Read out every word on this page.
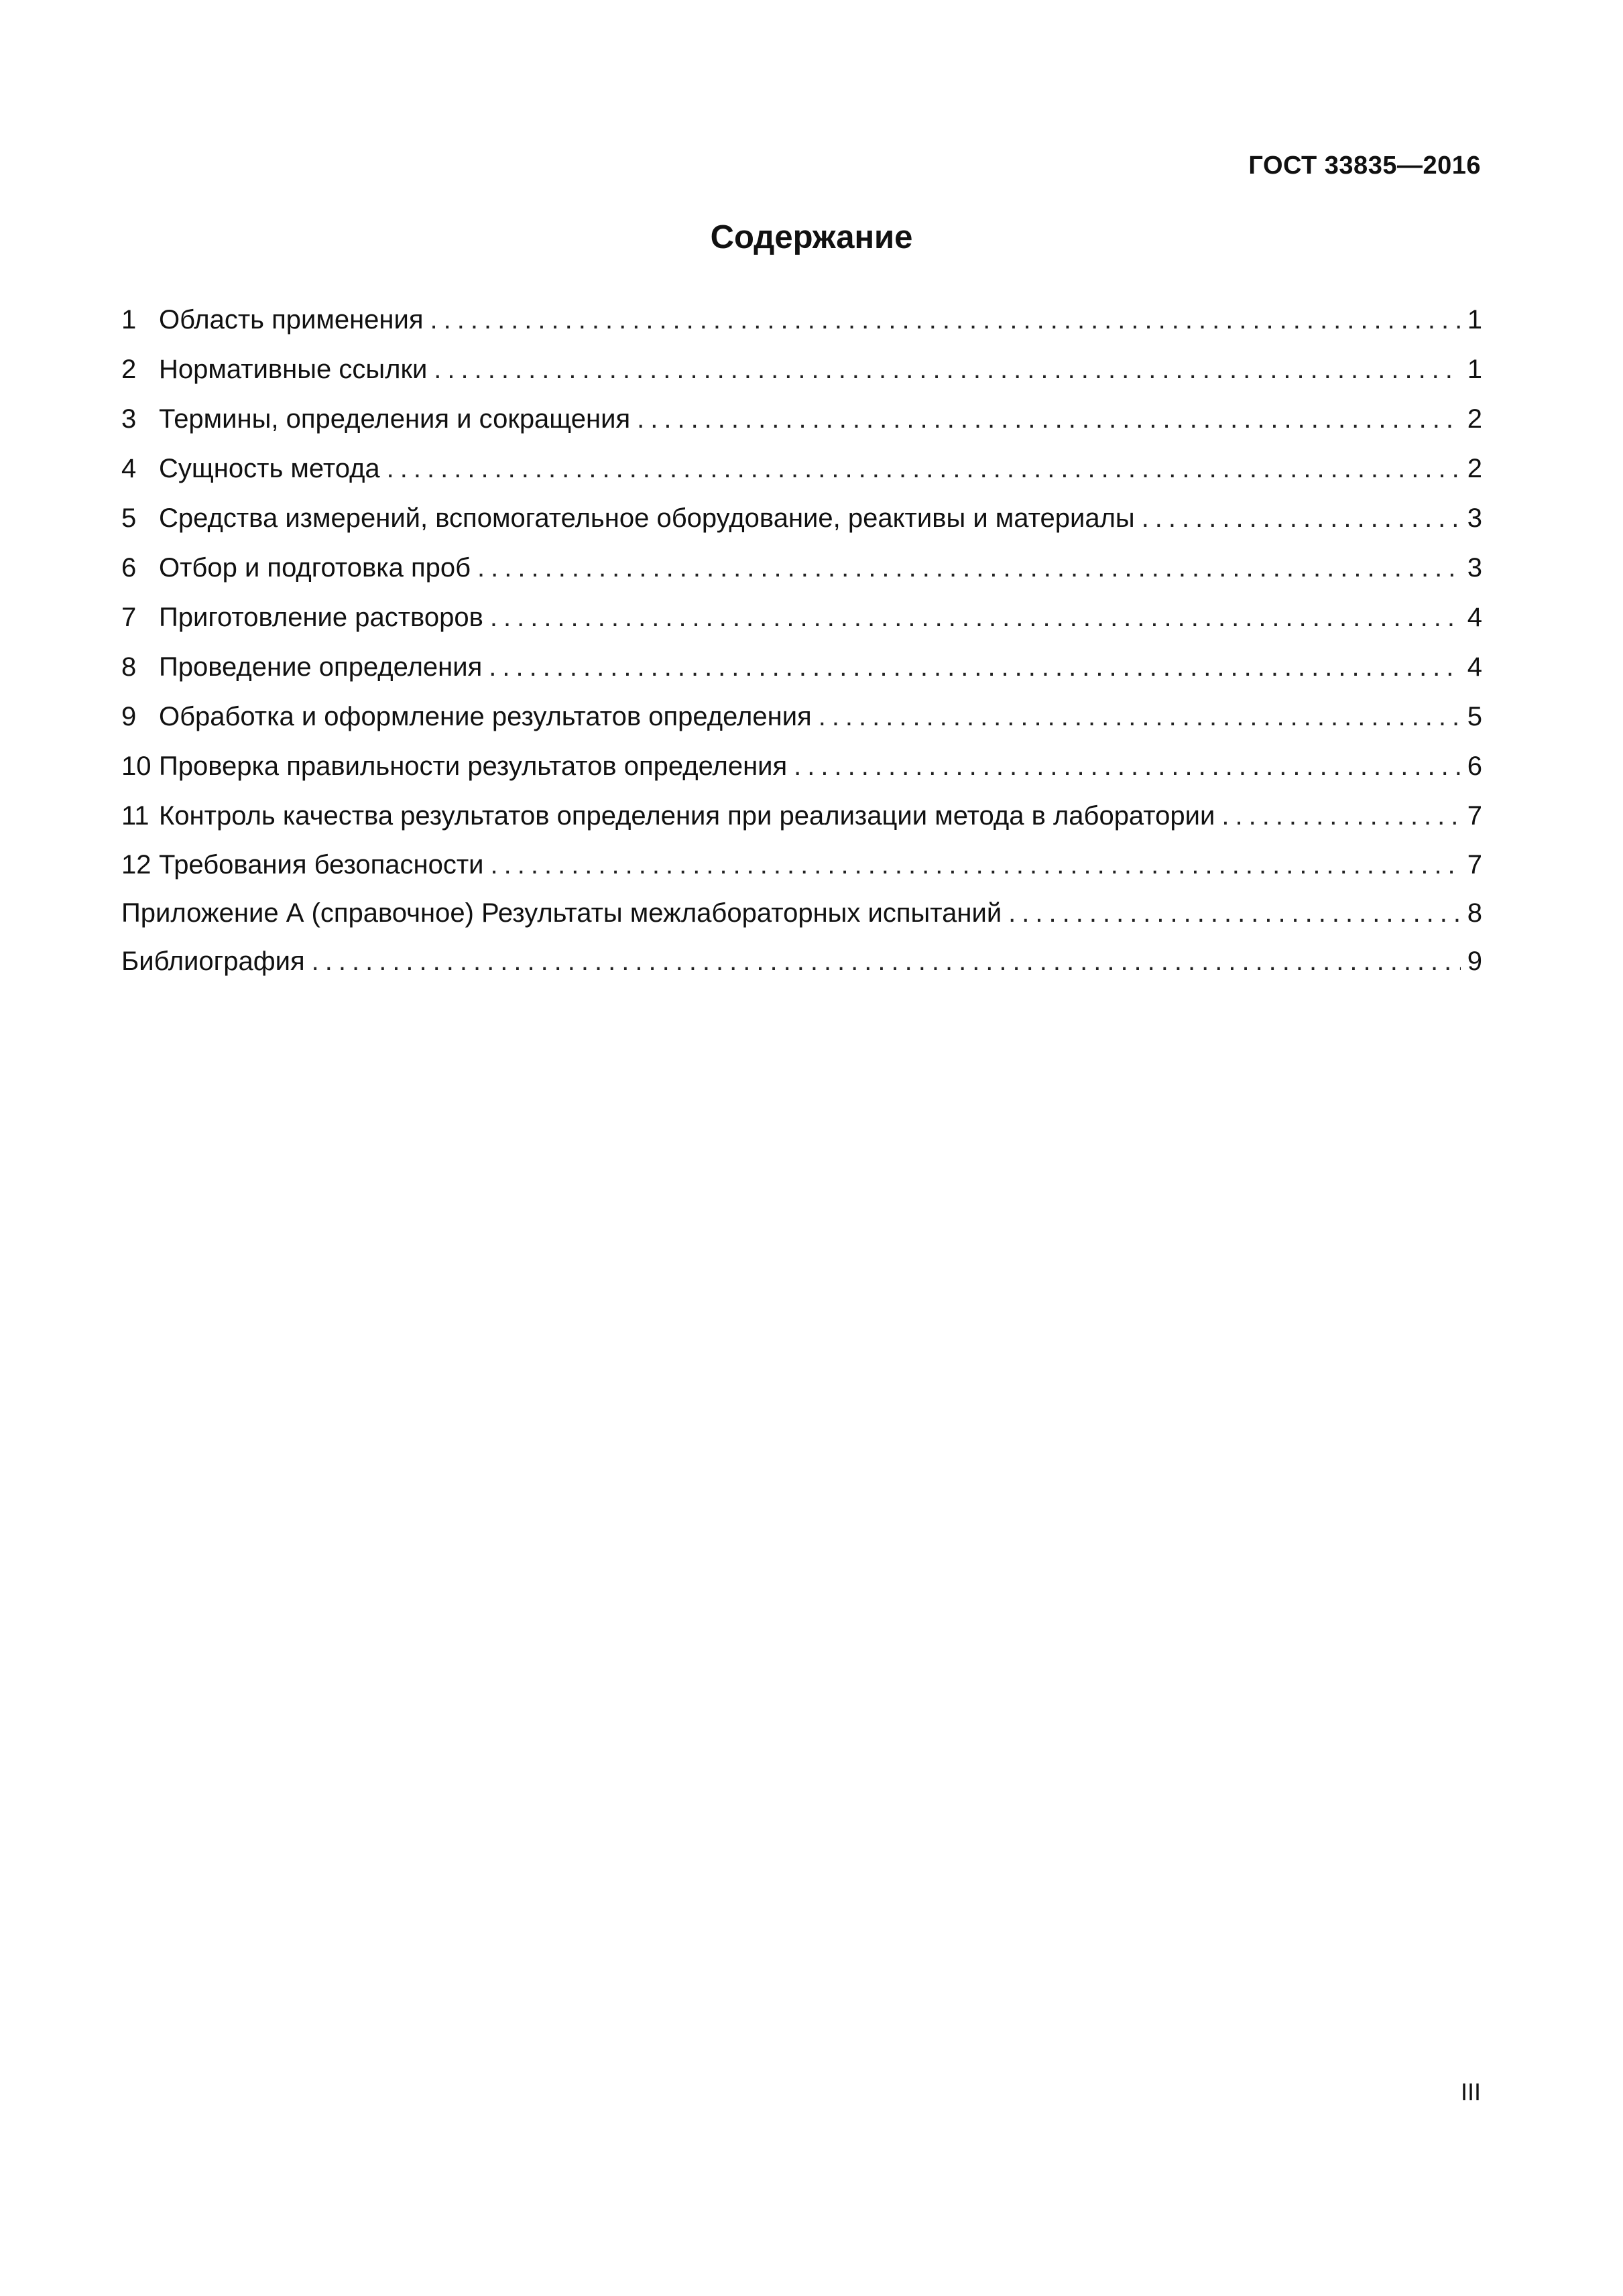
ГОСТ 33835—2016
Содержание
1 Область применения .....	1
2 Нормативные ссылки .....	1
3 Термины, определения и сокращения .....	2
4 Сущность метода .....	2
5 Средства измерений, вспомогательное оборудование, реактивы и материалы .....	3
6 Отбор и подготовка проб .....	3
7 Приготовление растворов .....	4
8 Проведение определения .....	4
9 Обработка и оформление результатов определения .....	5
10 Проверка правильности результатов определения .....	6
11 Контроль качества результатов определения при реализации метода в лаборатории .....	7
12 Требования безопасности .....	7
Приложение А (справочное) Результаты межлабораторных испытаний .....	8
Библиография .....	9
III
